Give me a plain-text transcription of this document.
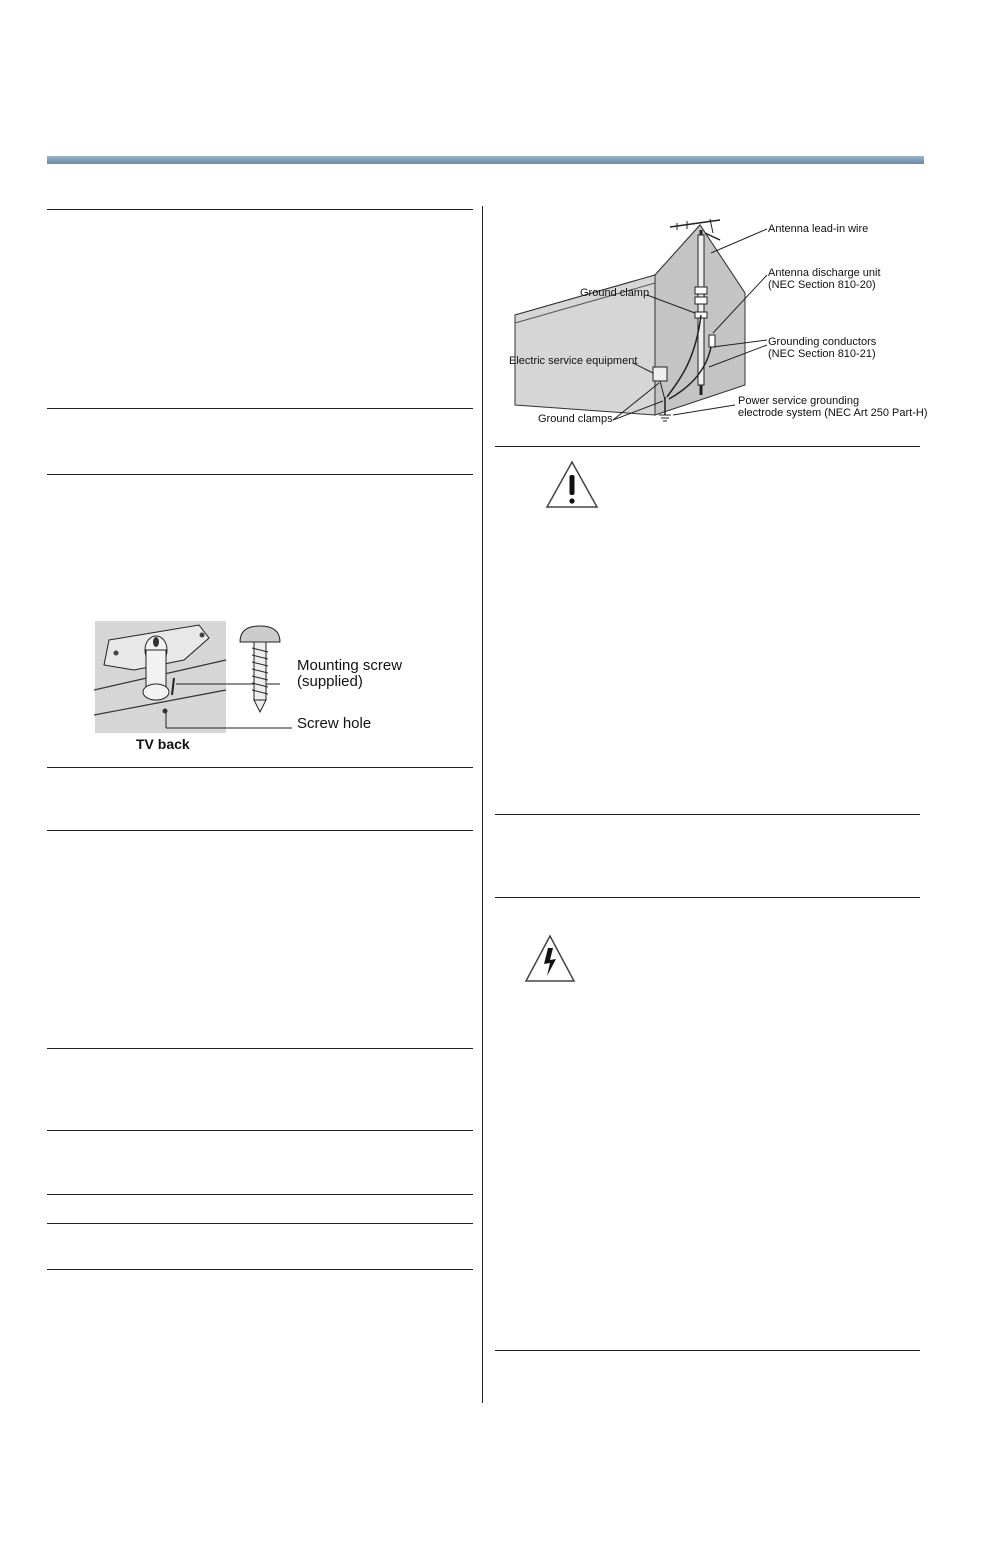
Antenna lead-in wire
Antenna discharge unit
(NEC Section 810-20)
Ground clamp
Grounding conductors
(NEC Section 810-21)
Electric service equipment
Power service grounding
electrode system (NEC Art 250 Part-H)
Ground clamps
Mounting screw
(supplied)
Screw hole
TV back
